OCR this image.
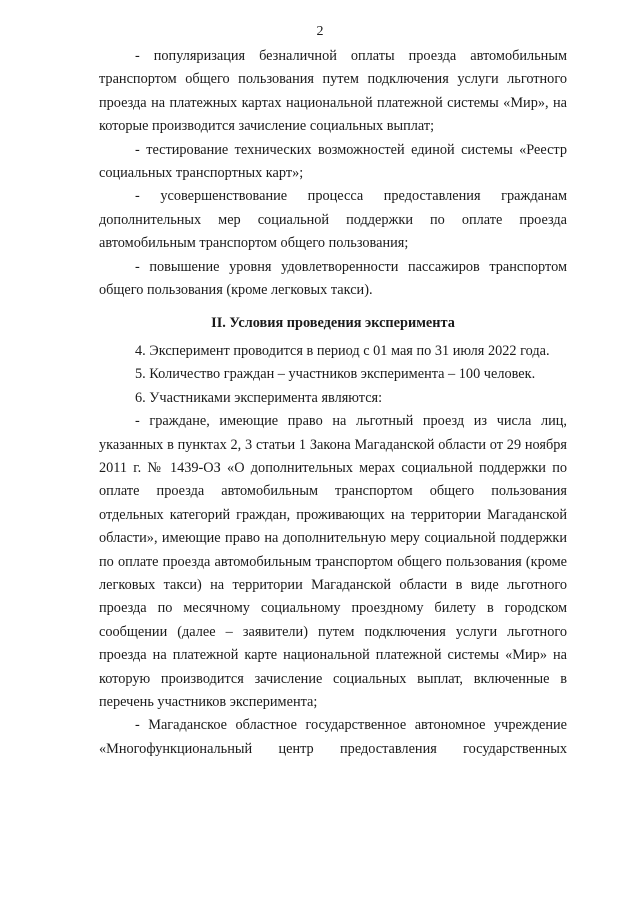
2

- популяризация безналичной оплаты проезда автомобильным транспортом общего пользования путем подключения услуги льготного проезда на платежных картах национальной платежной системы «Мир», на которые производится зачисление социальных выплат;

- тестирование технических возможностей единой системы «Реестр социальных транспортных карт»;

- усовершенствование процесса предоставления гражданам дополнительных мер социальной поддержки по оплате проезда автомобильным транспортом общего пользования;

- повышение уровня удовлетворенности пассажиров транспортом общего пользования (кроме легковых такси).

II. Условия проведения эксперимента

4. Эксперимент проводится в период с 01 мая по 31 июля 2022 года.

5. Количество граждан – участников эксперимента – 100 человек.

6. Участниками эксперимента являются:

- граждане, имеющие право на льготный проезд из числа лиц, указанных в пунктах 2, 3 статьи 1 Закона Магаданской области от 29 ноября 2011 г. № 1439-ОЗ «О дополнительных мерах социальной поддержки по оплате проезда автомобильным транспортом общего пользования отдельных категорий граждан, проживающих на территории Магаданской области», имеющие право на дополнительную меру социальной поддержки по оплате проезда автомобильным транспортом общего пользования (кроме легковых такси) на территории Магаданской области в виде льготного проезда по месячному социальному проездному билету в городском сообщении (далее – заявители) путем подключения услуги льготного проезда на платежной карте национальной платежной системы «Мир» на которую производится зачисление социальных выплат, включенные в перечень участников эксперимента;

- Магаданское областное государственное автономное учреждение «Многофункциональный центр предоставления государственных
